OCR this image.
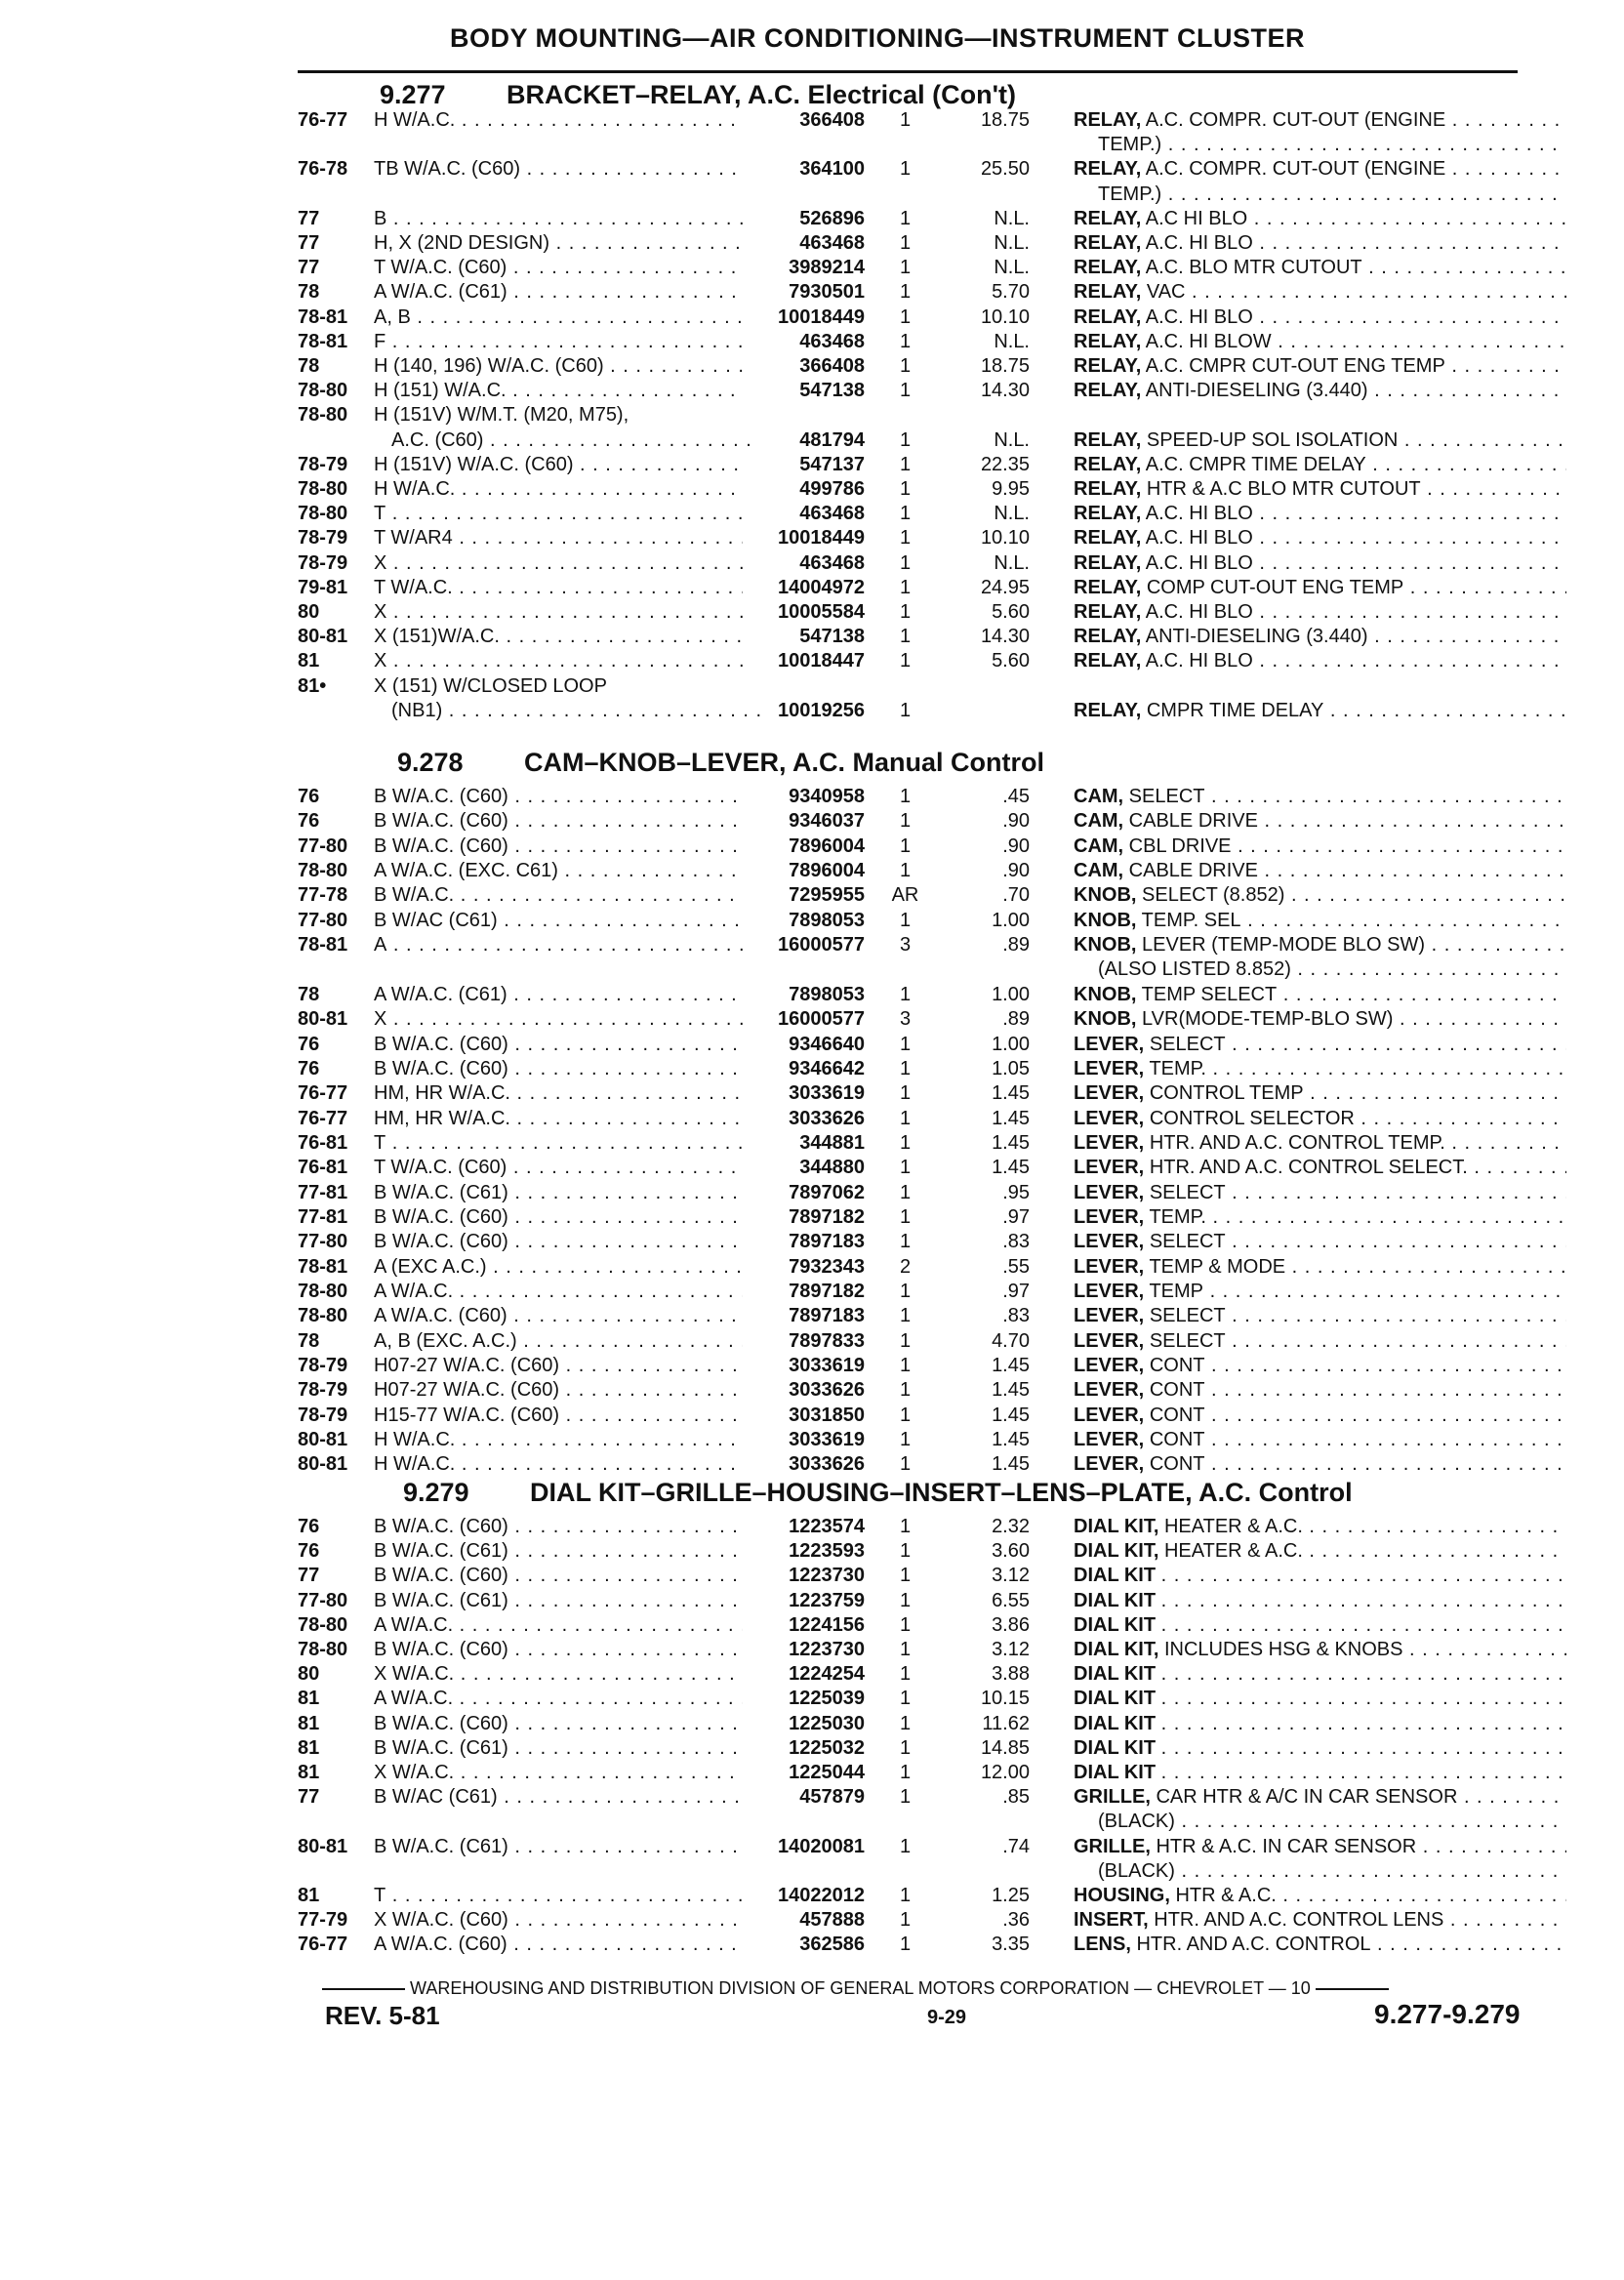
BODY MOUNTING—AIR CONDITIONING—INSTRUMENT CLUSTER
9.277 BRACKET–RELAY, A.C. Electrical (Con't)
76-77	H W/A.C. . . .	366408	1	18.75 RELAY, A.C. COMPR. CUT-OUT (ENGINE . . .
TEMP.) . . .
76-78	TB W/A.C. (C60) . . .	364100	1	25.50 RELAY, A.C. COMPR. CUT-OUT (ENGINE . . .
TEMP.) . . .
77	B . . .	526896	1	N.L. RELAY, A.C HI BLO . . .
77	H, X (2ND DESIGN) . . .	463468	1	N.L. RELAY, A.C. HI BLO . . .
77	T W/A.C. (C60) . . .	3989214	1	N.L. RELAY, A.C. BLO MTR CUTOUT . . .
78	A W/A.C. (C61) . . .	7930501	1	5.70 RELAY, VAC . . .
78-81	A, B . . .	10018449	1	10.10 RELAY, A.C. HI BLO . . .
78-81	F . . .	463468	1	N.L. RELAY, A.C. HI BLOW . . .
78	H (140, 196) W/A.C. (C60) . . .	366408	1	18.75 RELAY, A.C. CMPR CUT-OUT ENG TEMP . . .
78-80	H (151) W/A.C. . . .	547138	1	14.30 RELAY, ANTI-DIESELING (3.440) . . .
78-80	H (151V) W/M.T. (M20, M75),
A.C. (C60) . . .	481794	1	N.L. RELAY, SPEED-UP SOL ISOLATION . . .
78-79	H (151V) W/A.C. (C60) . . .	547137	1	22.35 RELAY, A.C. CMPR TIME DELAY . . .
78-80	H W/A.C. . . .	499786	1	9.95 RELAY, HTR & A.C BLO MTR CUTOUT . . .
78-80	T . . .	463468	1	N.L. RELAY, A.C. HI BLO . . .
78-79	T W/AR4 . . .	10018449	1	10.10 RELAY, A.C. HI BLO . . .
78-79	X . . .	463468	1	N.L. RELAY, A.C. HI BLO . . .
79-81	T W/A.C. . . .	14004972	1	24.95 RELAY, COMP CUT-OUT ENG TEMP . . .
80	X . . .	10005584	1	5.60 RELAY, A.C. HI BLO . . .
80-81	X (151)W/A.C. . . .	547138	1	14.30 RELAY, ANTI-DIESELING (3.440) . . .
81	X . . .	10018447	1	5.60 RELAY, A.C. HI BLO . . .
81•	X (151) W/CLOSED LOOP
(NB1) . . .	10019256	1	RELAY, CMPR TIME DELAY . . .
9.278 CAM–KNOB–LEVER, A.C. Manual Control
76	B W/A.C. (C60) . . .	9340958	1	.45 CAM, SELECT . . .
76	B W/A.C. (C60) . . .	9346037	1	.90 CAM, CABLE DRIVE . . .
77-80	B W/A.C. (C60) . . .	7896004	1	.90 CAM, CBL DRIVE . . .
78-80	A W/A.C. (EXC. C61) . . .	7896004	1	.90 CAM, CABLE DRIVE . . .
77-78	B W/A.C. . . .	7295955	AR	.70 KNOB, SELECT (8.852) . . .
77-80	B W/AC (C61) . . .	7898053	1	1.00 KNOB, TEMP. SEL . . .
78-81	A . . .	16000577	3	.89 KNOB, LEVER (TEMP-MODE BLO SW) . . .
(ALSO LISTED 8.852) . . .
78	A W/A.C. (C61) . . .	7898053	1	1.00 KNOB, TEMP SELECT . . .
80-81	X . . .	16000577	3	.89 KNOB, LVR(MODE-TEMP-BLO SW) . . .
76	B W/A.C. (C60) . . .	9346640	1	1.00 LEVER, SELECT . . .
76	B W/A.C. (C60) . . .	9346642	1	1.05 LEVER, TEMP. . . .
76-77	HM, HR W/A.C. . . .	3033619	1	1.45 LEVER, CONTROL TEMP . . .
76-77	HM, HR W/A.C. . . .	3033626	1	1.45 LEVER, CONTROL SELECTOR . . .
76-81	T . . .	344881	1	1.45 LEVER, HTR. AND A.C. CONTROL TEMP. . . .
76-81	T W/A.C. (C60) . . .	344880	1	1.45 LEVER, HTR. AND A.C. CONTROL SELECT. . . .
77-81	B W/A.C. (C61) . . .	7897062	1	.95 LEVER, SELECT . . .
77-81	B W/A.C. (C60) . . .	7897182	1	.97 LEVER, TEMP. . . .
77-80	B W/A.C. (C60) . . .	7897183	1	.83 LEVER, SELECT . . .
78-81	A (EXC A.C.) . . .	7932343	2	.55 LEVER, TEMP & MODE . . .
78-80	A W/A.C. . . .	7897182	1	.97 LEVER, TEMP . . .
78-80	A W/A.C. (C60) . . .	7897183	1	.83 LEVER, SELECT . . .
78	A, B (EXC. A.C.) . . .	7897833	1	4.70 LEVER, SELECT . . .
78-79	H07-27 W/A.C. (C60) . . .	3033619	1	1.45 LEVER, CONT . . .
78-79	H07-27 W/A.C. (C60) . . .	3033626	1	1.45 LEVER, CONT . . .
78-79	H15-77 W/A.C. (C60) . . .	3031850	1	1.45 LEVER, CONT . . .
80-81	H W/A.C. . . .	3033619	1	1.45 LEVER, CONT . . .
80-81	H W/A.C. . . .	3033626	1	1.45 LEVER, CONT . . .
9.279 DIAL KIT–GRILLE–HOUSING–INSERT–LENS–PLATE, A.C. Control
76	B W/A.C. (C60) . . .	1223574	1	2.32 DIAL KIT, HEATER & A.C. . . .
76	B W/A.C. (C61) . . .	1223593	1	3.60 DIAL KIT, HEATER & A.C. . . .
77	B W/A.C. (C60) . . .	1223730	1	3.12 DIAL KIT . . .
77-80	B W/A.C. (C61) . . .	1223759	1	6.55 DIAL KIT . . .
78-80	A W/A.C. . . .	1224156	1	3.86 DIAL KIT . . .
78-80	B W/A.C. (C60) . . .	1223730	1	3.12 DIAL KIT, INCLUDES HSG & KNOBS . . .
80	X W/A.C. . . .	1224254	1	3.88 DIAL KIT . . .
81	A W/A.C. . . .	1225039	1	10.15 DIAL KIT . . .
81	B W/A.C. (C60) . . .	1225030	1	11.62 DIAL KIT . . .
81	B W/A.C. (C61) . . .	1225032	1	14.85 DIAL KIT . . .
81	X W/A.C. . . .	1225044	1	12.00 DIAL KIT . . .
77	B W/AC (C61) . . .	457879	1	.85 GRILLE, CAR HTR & A/C IN CAR SENSOR . . .
(BLACK) . . .
80-81	B W/A.C. (C61) . . .	14020081	1	.74 GRILLE, HTR & A.C. IN CAR SENSOR . . .
(BLACK) . . .
81	T . . .	14022012	1	1.25 HOUSING, HTR & A.C. . . .
77-79	X W/A.C. (C60) . . .	457888	1	.36 INSERT, HTR. AND A.C. CONTROL LENS . . .
76-77	A W/A.C. (C60) . . .	362586	1	3.35 LENS, HTR. AND A.C. CONTROL . . .
WAREHOUSING AND DISTRIBUTION DIVISION OF GENERAL MOTORS CORPORATION — CHEVROLET — 10
REV. 5-81	9-29	9.277-9.279
